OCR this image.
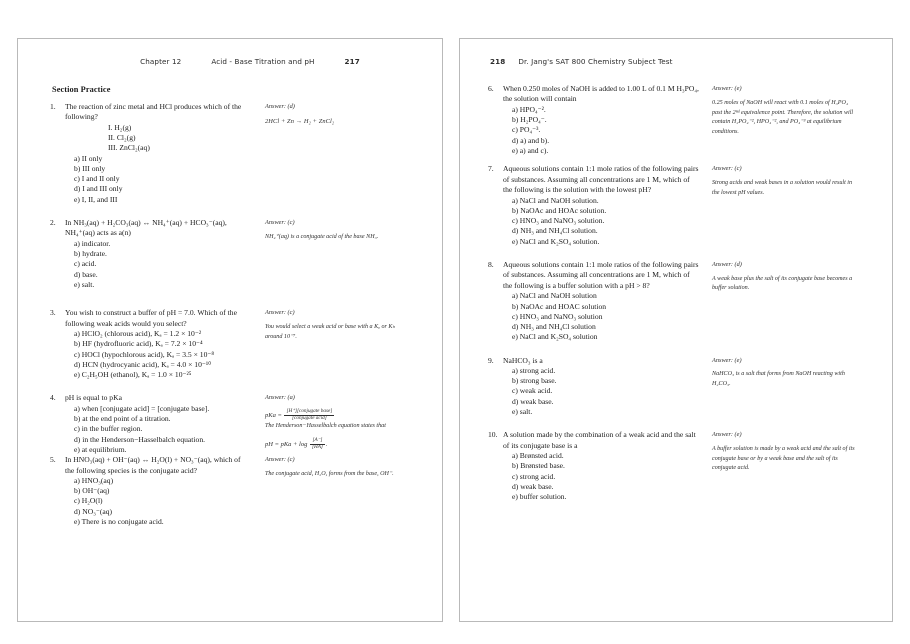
Chapter 12	Acid - Base Titration and pH	217
Section Practice
1.	The reaction of zinc metal and HCl produces which of the following?
I. H₂(g)
II. Cl₂(g)
III. ZnCl₂(aq)
a) II only
b) III only
c) I and II only
d) I and III only
e) I, II, and III
Answer: (d)
2HCl + Zn → H₂ + ZnCl₂
2.	In NH₃(aq) + H₂CO₃(aq) ↔ NH₄⁺(aq) + HCO₃⁻(aq), NH₄⁺(aq) acts as a(n)
a) indicator.
b) hydrate.
c) acid.
d) base.
e) salt.
Answer: (c)
NH₄⁺(aq) is a conjugate acid of the base NH₃.
3.	You wish to construct a buffer of pH = 7.0. Which of the following weak acids would you select?
a) HClO₂ (chlorous acid), Kₐ = 1.2 × 10⁻²
b) HF (hydrofluoric acid), Kₐ = 7.2 × 10⁻⁴
c) HOCl (hypochlorous acid), Kₐ = 3.5 × 10⁻⁸
d) HCN (hydrocyanic acid), Kₐ = 4.0 × 10⁻¹⁰
e) C₂H₅OH (ethanol), Kₐ = 1.0 × 10⁻²⁵
Answer: (c)
You would select a weak acid or base with a Kₐ or Kₕ around 10⁻⁷.
4.	pH is equal to pKa
a) when [conjugate acid] = [conjugate base].
b) at the end point of a titration.
c) in the buffer region.
d) in the Henderson−Hasselbalch equation.
e) at equilibrium.
Answer: (a)
pKa = $\frac{\text{[H⁺][conjugate base]}}{\text{[conjugate acid]}}$
The Henderson−Hasselbalch equation states that
pH = pKa + $\log \frac{[A^-]}{[HA]}$ .
5.	In HNO₃(aq) + OH⁻(aq) ↔ H₂O(l) + NO₃⁻(aq), which of the following species is the conjugate acid?
a) HNO₃(aq)
b) OH⁻(aq)
c) H₂O(l)
d) NO₃⁻(aq)
e) There is no conjugate acid.
Answer: (c)
The conjugate acid, H₂O, forms from the base, OH⁻.
218 Dr. Jang's SAT 800 Chemistry Subject Test
6.	When 0.250 moles of NaOH is added to 1.00 L of 0.1 M H₃PO₄, the solution will contain
a) HPO₄⁻².
b) H₂PO₄⁻.
c) PO₄⁻³.
d) a) and b).
e) a) and c).
Answer: (e)
0.25 moles of NaOH will react with 0.1 moles of H₃PO₄ past the 2ⁿᵈ equivalence point. Therefore, the solution will contain H₂PO₄⁻², HPO₄⁻², and PO₄⁻³ at equilibrium conditions.
7.	Aqueous solutions contain 1:1 mole ratios of the following pairs of substances. Assuming all concentrations are 1 M, which of the following is the solution with the lowest pH?
a) NaCl and NaOH solution.
b) NaOAc and HOAc solution.
c) HNO₃ and NaNO₃ solution.
d) NH₃ and NH₄Cl solution.
e) NaCl and K₂SO₄ solution.
Answer: (c)
Strong acids and weak bases in a solution would result in the lowest pH values.
8.	Aqueous solutions contain 1:1 mole ratios of the following pairs of substances. Assuming all concentrations are 1 M, which of the following is a buffer solution with a pH > 8?
a) NaCl and NaOH solution
b) NaOAc and HOAC solution
c) HNO₃ and NaNO₃ solution
d) NH₃ and NH₄Cl solution
e) NaCl and K₂SO₄ solution
Answer: (d)
A weak base plus the salt of its conjugate base becomes a buffer solution.
9.	NaHCO₃ is a
a) strong acid.
b) strong base.
c) weak acid.
d) weak base.
e) salt.
Answer: (e)
NaHCO₃ is a salt that forms from NaOH reacting with H₂CO₃.
10. A solution made by the combination of a weak acid and the salt of its conjugate base is a
a) Brønsted acid.
b) Brønsted base.
c) strong acid.
d) weak base.
e) buffer solution.
Answer: (e)
A buffer solution is made by a weak acid and the salt of its conjugate base or by a weak base and the salt of its conjugate acid.
